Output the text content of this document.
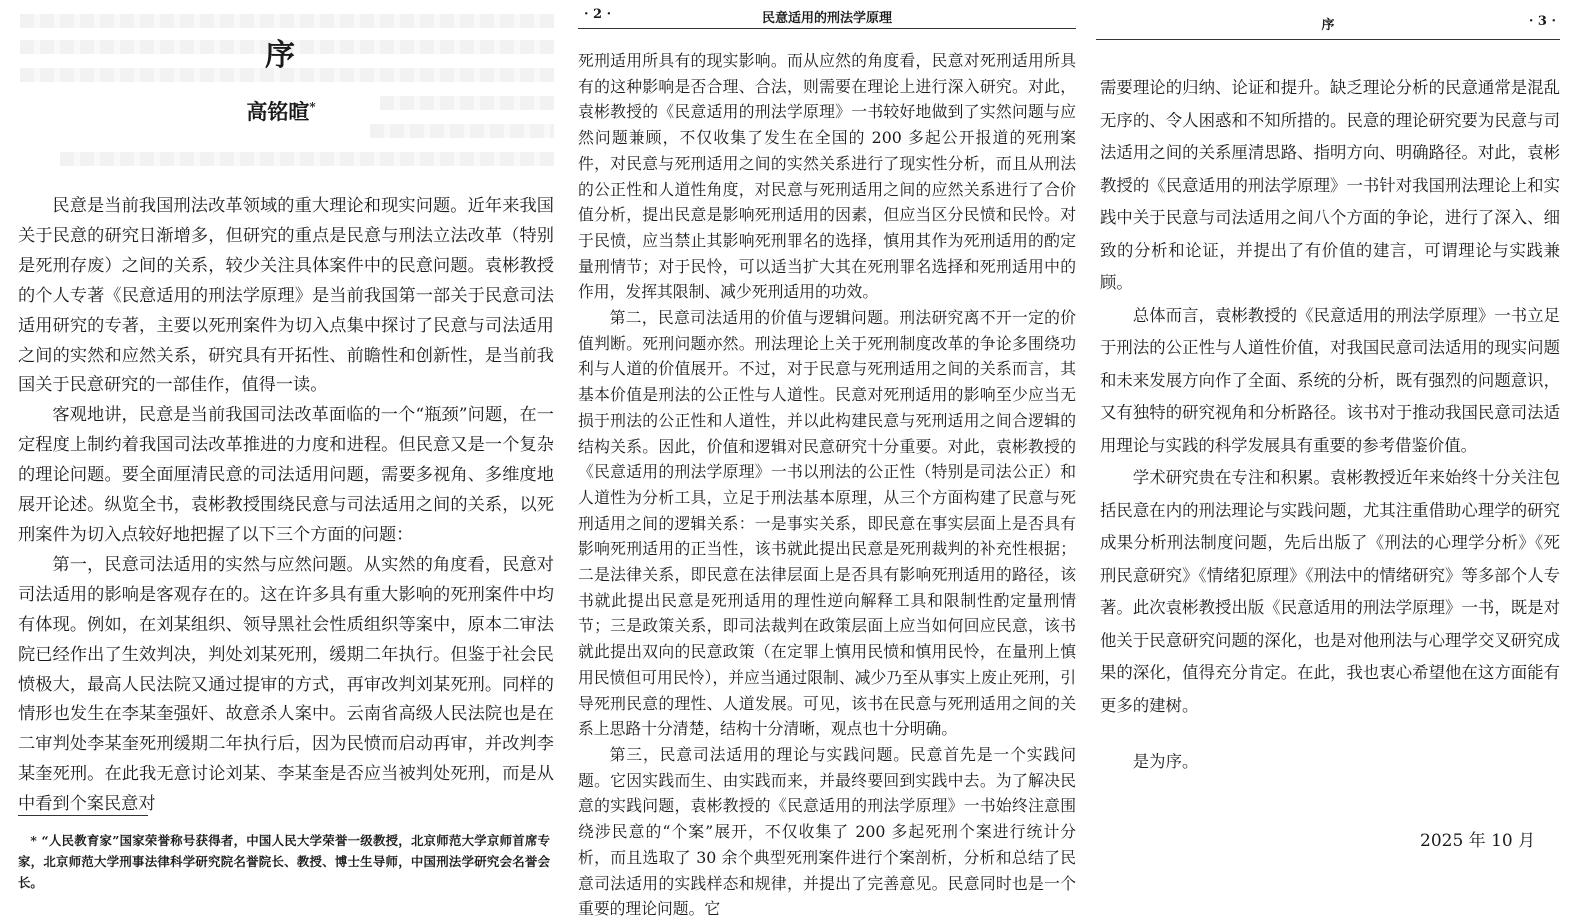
序
高铭暄*

民意是当前我国刑法改革领域的重大理论和现实问题。近年来我国关于民意的研究日渐增多，但研究的重点是民意与刑法立法改革（特别是死刑存废）之间的关系，较少关注具体案件中的民意问题。袁彬教授的个人专著《民意适用的刑法学原理》是当前我国第一部关于民意司法适用研究的专著，主要以死刑案件为切入点集中探讨了民意与司法适用之间的实然和应然关系，研究具有开拓性、前瞻性和创新性，是当前我国关于民意研究的一部佳作，值得一读。

客观地讲，民意是当前我国司法改革面临的一个“瓶颈”问题，在一定程度上制约着我国司法改革推进的力度和进程。但民意又是一个复杂的理论问题。要全面厘清民意的司法适用问题，需要多视角、多维度地展开论述。纵览全书，袁彬教授围绕民意与司法适用之间的关系，以死刑案件为切入点较好地把握了以下三个方面的问题：

第一，民意司法适用的实然与应然问题。从实然的角度看，民意对司法适用的影响是客观存在的。这在许多具有重大影响的死刑案件中均有体现。例如，在刘某组织、领导黑社会性质组织等案中，原本二审法院已经作出了生效判决，判处刘某死刑，缓期二年执行。但鉴于社会民愤极大，最高人民法院又通过提审的方式，再审改判刘某死刑。同样的情形也发生在李某奎强奸、故意杀人案中。云南省高级人民法院也是在二审判处李某奎死刑缓期二年执行后，因为民愤而启动再审，并改判李某奎死刑。在此我无意讨论刘某、李某奎是否应当被判处死刑，而是从中看到个案民意对

* “人民教育家”国家荣誉称号获得者，中国人民大学荣誉一级教授，北京师范大学京师首席专家，北京师范大学刑事法律科学研究院名誉院长、教授、博士生导师，中国刑法学研究会名誉会长。
· 2 ·	民意适用的刑法学原理

死刑适用所具有的现实影响。而从应然的角度看，民意对死刑适用所具有的这种影响是否合理、合法，则需要在理论上进行深入研究。对此，袁彬教授的《民意适用的刑法学原理》一书较好地做到了实然问题与应然问题兼顾，不仅收集了发生在全国的 200 多起公开报道的死刑案件，对民意与死刑适用之间的实然关系进行了现实性分析，而且从刑法的公正性和人道性角度，对民意与死刑适用之间的应然关系进行了合价值分析，提出民意是影响死刑适用的因素，但应当区分民愤和民怜。对于民愤，应当禁止其影响死刑罪名的选择，慎用其作为死刑适用的酌定量刑情节；对于民怜，可以适当扩大其在死刑罪名选择和死刑适用中的作用，发挥其限制、减少死刑适用的功效。

第二，民意司法适用的价值与逻辑问题。刑法研究离不开一定的价值判断。死刑问题亦然。刑法理论上关于死刑制度改革的争论多围绕功利与人道的价值展开。不过，对于民意与死刑适用之间的关系而言，其基本价值是刑法的公正性与人道性。民意对死刑适用的影响至少应当无损于刑法的公正性和人道性，并以此构建民意与死刑适用之间合逻辑的结构关系。因此，价值和逻辑对民意研究十分重要。对此，袁彬教授的《民意适用的刑法学原理》一书以刑法的公正性（特别是司法公正）和人道性为分析工具，立足于刑法基本原理，从三个方面构建了民意与死刑适用之间的逻辑关系：一是事实关系，即民意在事实层面上是否具有影响死刑适用的正当性，该书就此提出民意是死刑裁判的补充性根据；二是法律关系，即民意在法律层面上是否具有影响死刑适用的路径，该书就此提出民意是死刑适用的理性逆向解释工具和限制性酌定量刑情节；三是政策关系，即司法裁判在政策层面上应当如何回应民意，该书就此提出双向的民意政策（在定罪上慎用民愤和慎用民怜，在量刑上慎用民愤但可用民怜），并应当通过限制、减少乃至从事实上废止死刑，引导死刑民意的理性、人道发展。可见，该书在民意与死刑适用之间的关系上思路十分清楚，结构十分清晰，观点也十分明确。

第三，民意司法适用的理论与实践问题。民意首先是一个实践问题。它因实践而生、由实践而来，并最终要回到实践中去。为了解决民意的实践问题，袁彬教授的《民意适用的刑法学原理》一书始终注意围绕涉民意的“个案”展开，不仅收集了 200 多起死刑个案进行统计分析，而且选取了 30 余个典型死刑案件进行个案剖析，分析和总结了民意司法适用的实践样态和规律，并提出了完善意见。民意同时也是一个重要的理论问题。它

序	· 3 ·

需要理论的归纳、论证和提升。缺乏理论分析的民意通常是混乱无序的、令人困惑和不知所措的。民意的理论研究要为民意与司法适用之间的关系厘清思路、指明方向、明确路径。对此，袁彬教授的《民意适用的刑法学原理》一书针对我国刑法理论上和实践中关于民意与司法适用之间八个方面的争论，进行了深入、细致的分析和论证，并提出了有价值的建言，可谓理论与实践兼顾。

总体而言，袁彬教授的《民意适用的刑法学原理》一书立足于刑法的公正性与人道性价值，对我国民意司法适用的现实问题和未来发展方向作了全面、系统的分析，既有强烈的问题意识，又有独特的研究视角和分析路径。该书对于推动我国民意司法适用理论与实践的科学发展具有重要的参考借鉴价值。

学术研究贵在专注和积累。袁彬教授近年来始终十分关注包括民意在内的刑法理论与实践问题，尤其注重借助心理学的研究成果分析刑法制度问题，先后出版了《刑法的心理学分析》《死刑民意研究》《情绪犯原理》《刑法中的情绪研究》等多部个人专著。此次袁彬教授出版《民意适用的刑法学原理》一书，既是对他关于民意研究问题的深化，也是对他刑法与心理学交叉研究成果的深化，值得充分肯定。在此，我也衷心希望他在这方面能有更多的建树。

是为序。
2025 年 10 月
